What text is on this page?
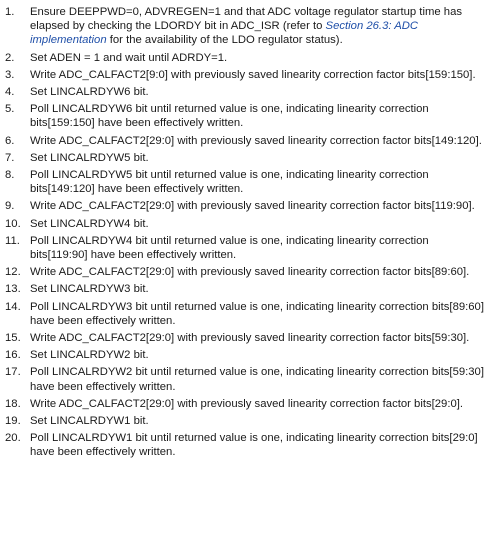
1.	Ensure DEEPPWD=0, ADVREGEN=1 and that ADC voltage regulator startup time has elapsed by checking the LDORDY bit in ADC_ISR (refer to Section 26.3: ADC implementation for the availability of the LDO regulator status).
2.	Set ADEN = 1 and wait until ADRDY=1.
3.	Write ADC_CALFACT2[9:0] with previously saved linearity correction factor bits[159:150].
4.	Set LINCALRDYW6 bit.
5.	Poll LINCALRDYW6 bit until returned value is one, indicating linearity correction bits[159:150] have been effectively written.
6.	Write ADC_CALFACT2[29:0] with previously saved linearity correction factor bits[149:120].
7.	Set LINCALRDYW5 bit.
8.	Poll LINCALRDYW5 bit until returned value is one, indicating linearity correction bits[149:120] have been effectively written.
9.	Write ADC_CALFACT2[29:0] with previously saved linearity correction factor bits[119:90].
10. Set LINCALRDYW4 bit.
11. Poll LINCALRDYW4 bit until returned value is one, indicating linearity correction bits[119:90] have been effectively written.
12. Write ADC_CALFACT2[29:0] with previously saved linearity correction factor bits[89:60].
13. Set LINCALRDYW3 bit.
14. Poll LINCALRDYW3 bit until returned value is one, indicating linearity correction bits[89:60] have been effectively written.
15. Write ADC_CALFACT2[29:0] with previously saved linearity correction factor bits[59:30].
16. Set LINCALRDYW2 bit.
17. Poll LINCALRDYW2 bit until returned value is one, indicating linearity correction bits[59:30] have been effectively written.
18. Write ADC_CALFACT2[29:0] with previously saved linearity correction factor bits[29:0].
19. Set LINCALRDYW1 bit.
20. Poll LINCALRDYW1 bit until returned value is one, indicating linearity correction bits[29:0] have been effectively written.
